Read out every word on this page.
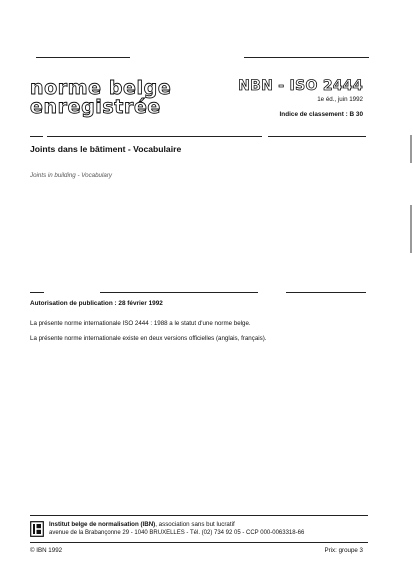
norme belge
enregistrée
NBN - ISO 2444
1e éd., juin 1992
Indice de classement : B 30
Joints dans le bâtiment - Vocabulaire
Joints in building - Vocabulary
Autorisation de publication : 28 février 1992
La présente norme internationale ISO 2444 : 1988 a le statut d'une norme belge.
La présente norme internationale existe en deux versions officielles (anglais, français).
Institut belge de normalisation (IBN), association sans but lucratif
avenue de la Brabançonne 29 - 1040 BRUXELLES - Tél. (02) 734 92 05 - CCP 000-0063318-66
© IBN 1992	Prix: groupe 3
